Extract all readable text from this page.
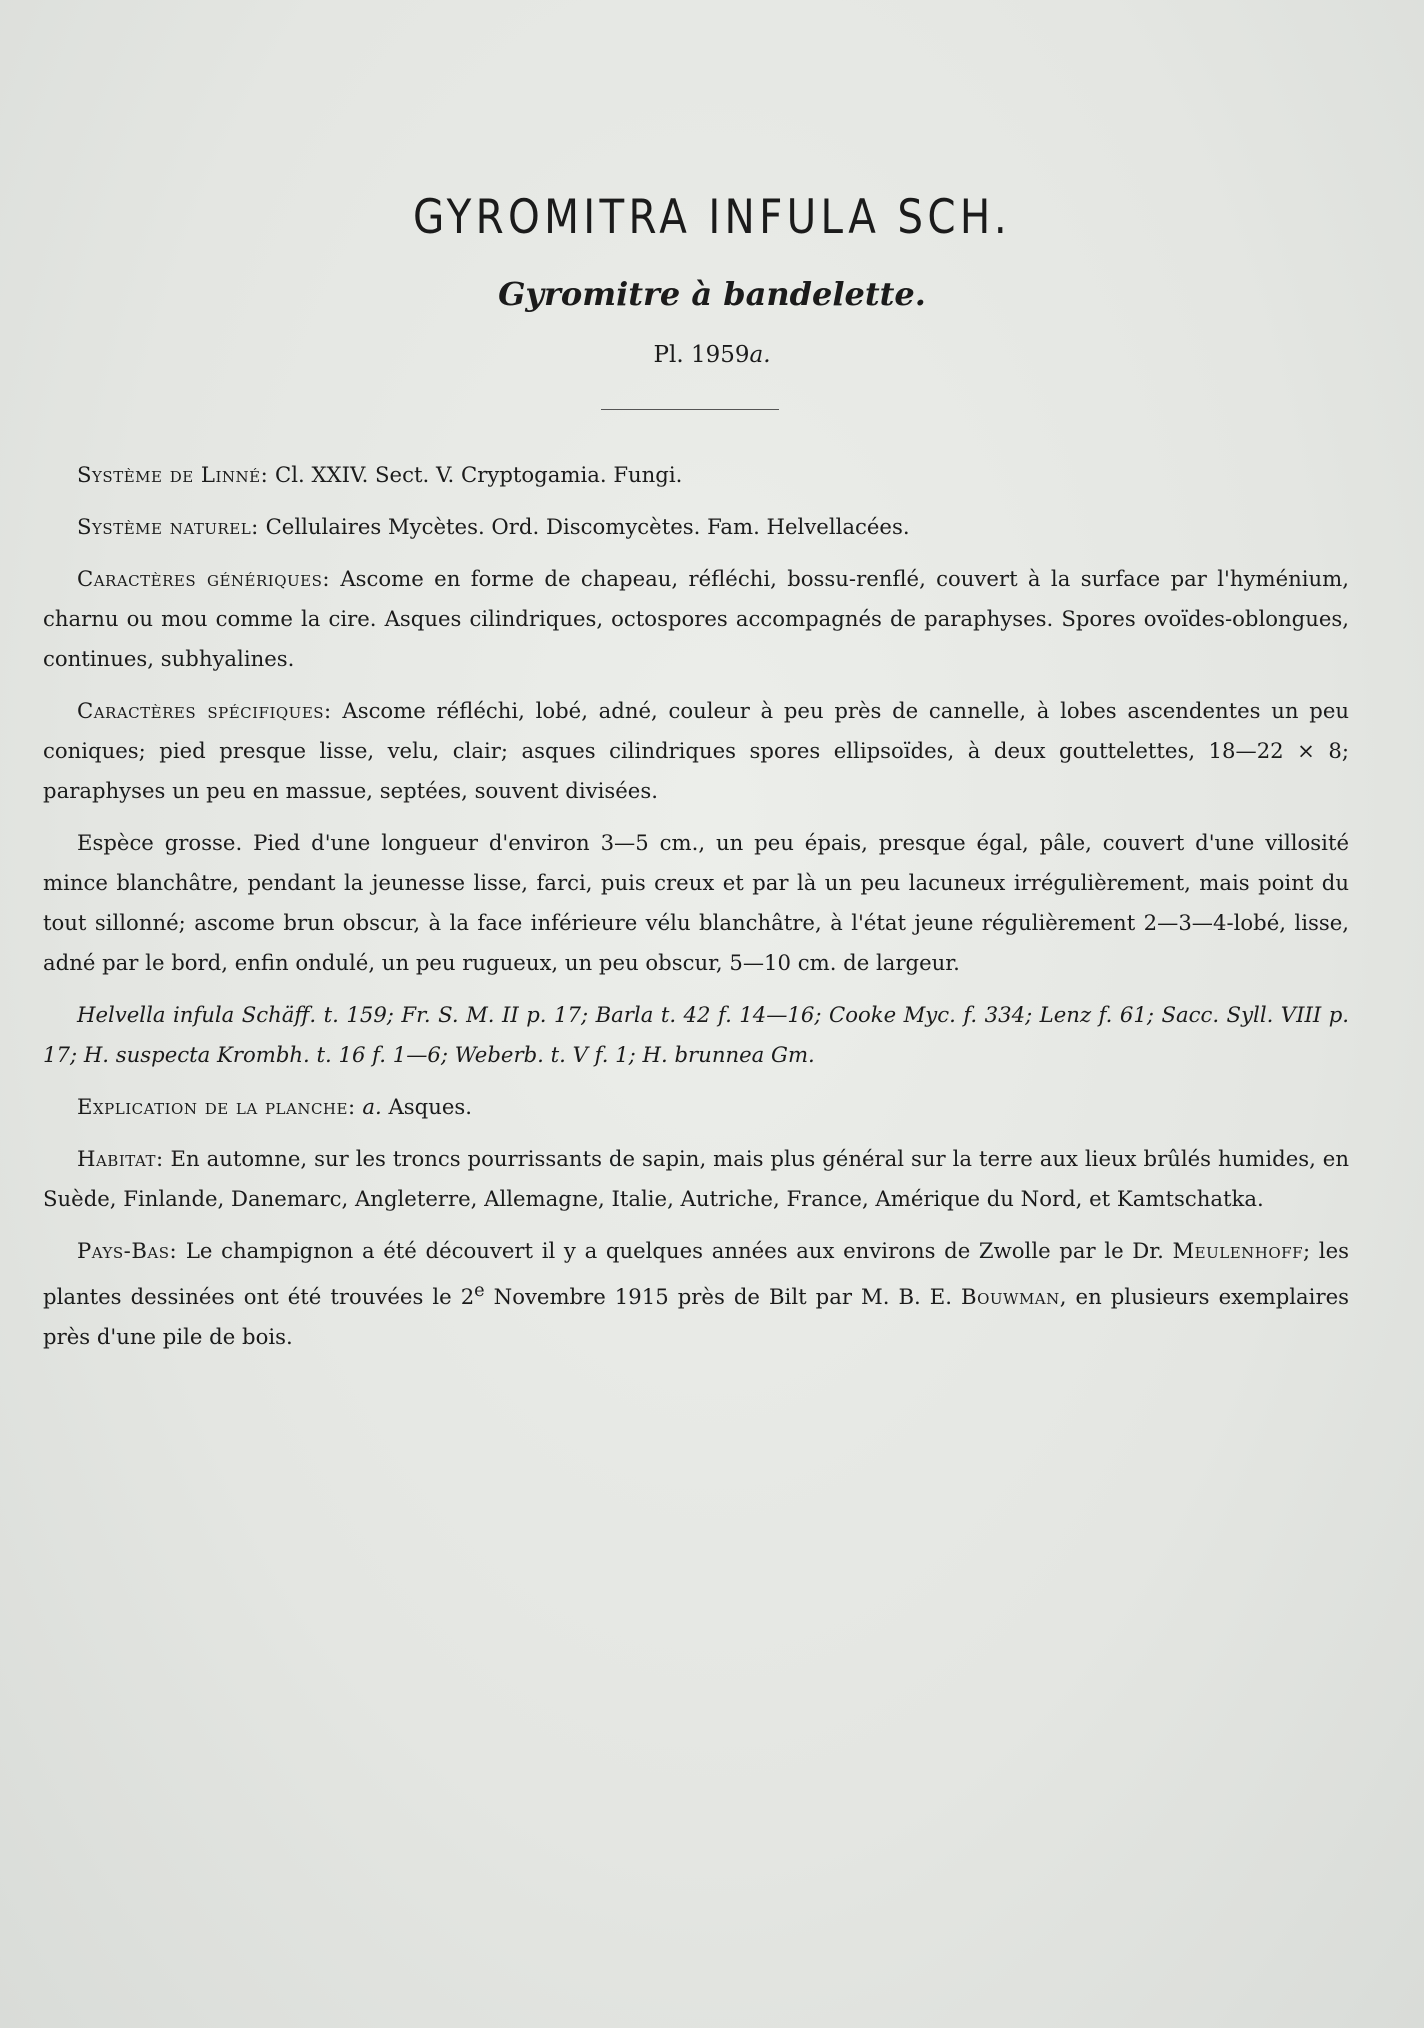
GYROMITRA INFULA SCH.
Gyromitre à bandelette.
Pl. 1959a.

Système de Linné: Cl. XXIV. Sect. V. Cryptogamia. Fungi.

Système naturel: Cellulaires Mycètes. Ord. Discomycètes. Fam. Helvellacées.

Caractères génériques: Ascome en forme de chapeau, réfléchi, bossu-renflé, couvert à la surface par l'hyménium, charnu ou mou comme la cire. Asques cilindriques, octospores accompagnés de paraphyses. Spores ovoïdes-oblongues, continues, subhyalines.

Caractères spécifiques: Ascome réfléchi, lobé, adné, couleur à peu près de cannelle, à lobes ascendentes un peu coniques; pied presque lisse, velu, clair; asques cilindriques spores ellipsoïdes, à deux gouttelettes, 18—22 ⨯ 8; paraphyses un peu en massue, septées, souvent divisées.

Espèce grosse. Pied d'une longueur d'environ 3—5 cm., un peu épais, presque égal, pâle, couvert d'une villosité mince blanchâtre, pendant la jeunesse lisse, farci, puis creux et par là un peu lacuneux irrégulièrement, mais point du tout sillonné; ascome brun obscur, à la face inférieure vélu blanchâtre, à l'état jeune régulièrement 2—3—4-lobé, lisse, adné par le bord, enfin ondulé, un peu rugueux, un peu obscur, 5—10 cm. de largeur.

Helvella infula Schäff. t. 159; Fr. S. M. II p. 17; Barla t. 42 f. 14—16; Cooke Myc. f. 334; Lenz f. 61; Sacc. Syll. VIII p. 17; H. suspecta Krombh. t. 16 f. 1—6; Weberb. t. V f. 1; H. brunnea Gm.

Explication de la planche: a. Asques.

Habitat: En automne, sur les troncs pourrissants de sapin, mais plus général sur la terre aux lieux brûlés humides, en Suède, Finlande, Danemarc, Angleterre, Allemagne, Italie, Autriche, France, Amérique du Nord, et Kamtschatka.

Pays-Bas: Le champignon a été découvert il y a quelques années aux environs de Zwolle par le Dr. Meulenhoff; les plantes dessinées ont été trouvées le 2e Novembre 1915 près de Bilt par M. B. E. Bouwman, en plusieurs exemplaires près d'une pile de bois.
